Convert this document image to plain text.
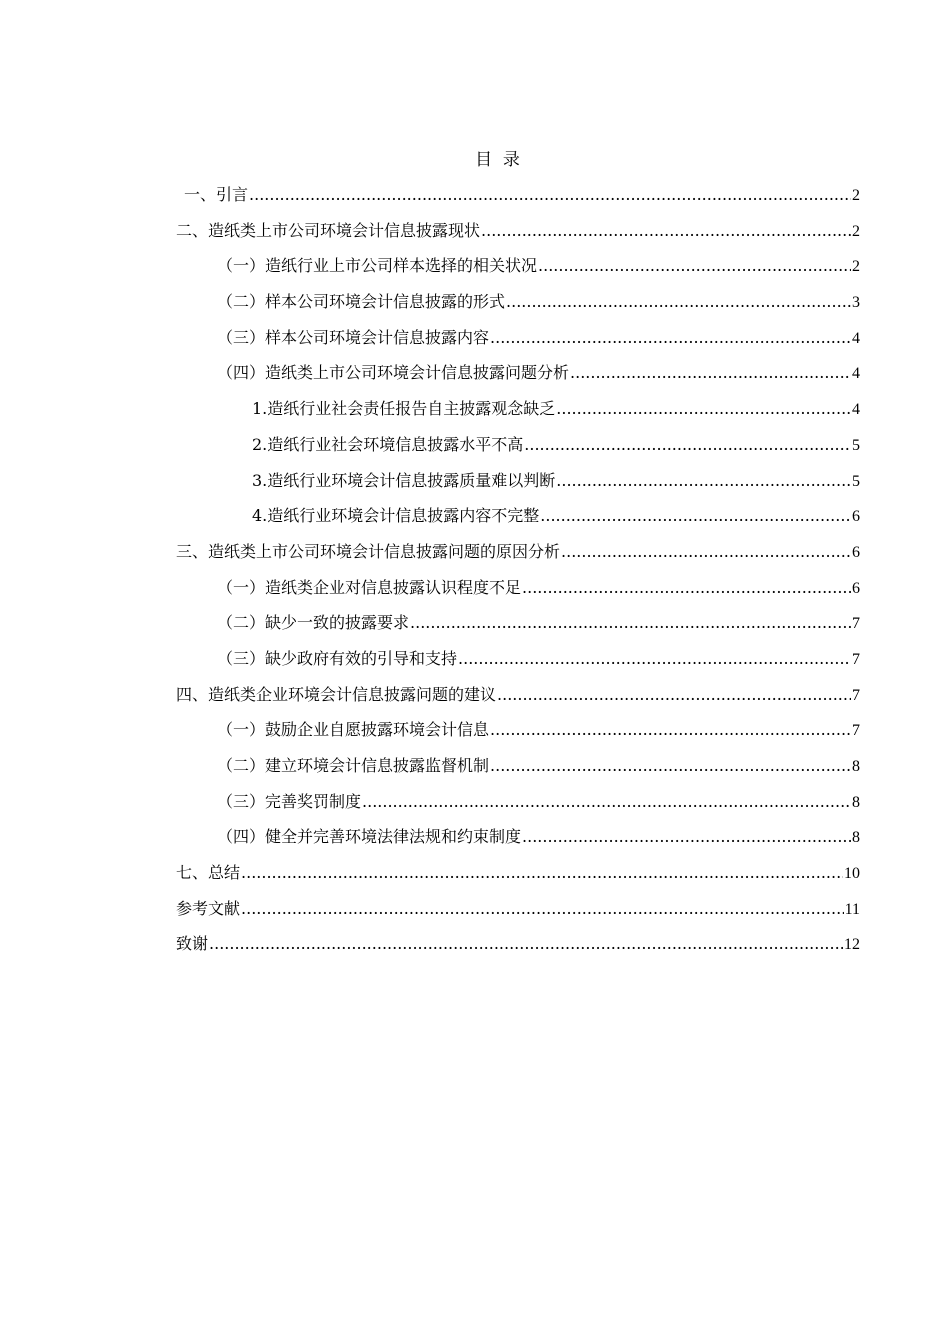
目  录
一、引言 .....	2
二、造纸类上市公司环境会计信息披露现状 .....	2
（一）造纸行业上市公司样本选择的相关状况 .....	2
（二）样本公司环境会计信息披露的形式 .....	3
（三）样本公司环境会计信息披露内容 .....	4
（四）造纸类上市公司环境会计信息披露问题分析 .....	4
1.造纸行业社会责任报告自主披露观念缺乏 .....	4
2.造纸行业社会环境信息披露水平不高 .....	5
3.造纸行业环境会计信息披露质量难以判断 .....	5
4.造纸行业环境会计信息披露内容不完整 .....	6
三、造纸类上市公司环境会计信息披露问题的原因分析 .....	6
（一）造纸类企业对信息披露认识程度不足 .....	6
（二）缺少一致的披露要求 .....	7
（三）缺少政府有效的引导和支持 .....	7
四、造纸类企业环境会计信息披露问题的建议 .....	7
（一）鼓励企业自愿披露环境会计信息 .....	7
（二）建立环境会计信息披露监督机制 .....	8
（三）完善奖罚制度 .....	8
（四）健全并完善环境法律法规和约束制度 .....	8
七、总结 .....	10
参考文献 .....	11
致谢 .....	12
